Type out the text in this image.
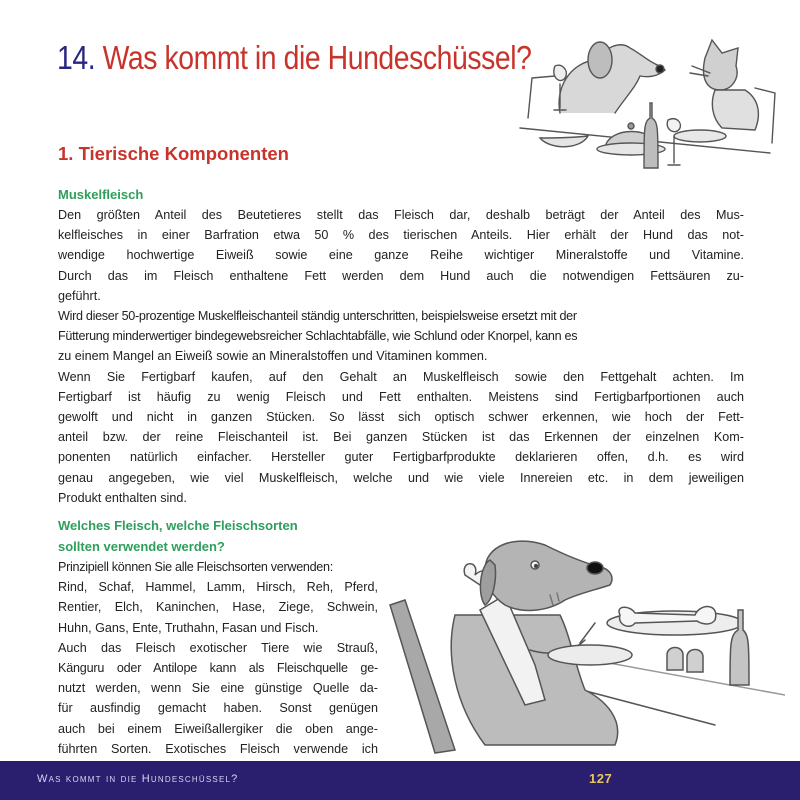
14. Was kommt in die Hundeschüssel?
1. Tierische Komponenten
Muskelfleisch

Den größten Anteil des Beutetieres stellt das Fleisch dar, deshalb beträgt der Anteil des Mus-
kelfleisches in einer Barfration etwa 50 % des tierischen Anteils. Hier erhält der Hund das not-
wendige hochwertige Eiweiß sowie eine ganze Reihe wichtiger Mineralstoffe und Vitamine.
Durch das im Fleisch enthaltene Fett werden dem Hund auch die notwendigen Fettsäuren zu-
geführt.
Wird dieser 50-prozentige Muskelfleischanteil ständig unterschritten, beispielsweise ersetzt mit der
Fütterung minderwertiger bindegewebsreicher Schlachtabfälle, wie Schlund oder Knorpel, kann es
zu einem Mangel an Eiweiß sowie an Mineralstoffen und Vitaminen kommen.
Wenn Sie Fertigbarf kaufen, auf den Gehalt an Muskelfleisch sowie den Fettgehalt achten. Im
Fertigbarf ist häufig zu wenig Fleisch und Fett enthalten. Meistens sind Fertigbarfportionen auch
gewolft und nicht in ganzen Stücken. So lässt sich optisch schwer erkennen, wie hoch der Fett-
anteil bzw. der reine Fleischanteil ist. Bei ganzen Stücken ist das Erkennen der einzelnen Kom-
ponenten natürlich einfacher. Hersteller guter Fertigbarfprodukte deklarieren offen, d.h. es wird
genau angegeben, wie viel Muskelfleisch, welche und wie viele Innereien etc. in dem jeweiligen
Produkt enthalten sind.

Welches Fleisch, welche Fleischsorten
sollten verwendet werden?

Prinzipiell können Sie alle Fleischsorten verwenden:
Rind, Schaf, Hammel, Lamm, Hirsch, Reh, Pferd,
Rentier, Elch, Kaninchen, Hase, Ziege, Schwein,
Huhn, Gans, Ente, Truthahn, Fasan und Fisch.
Auch das Fleisch exotischer Tiere wie Strauß,
Känguru oder Antilope kann als Fleischquelle ge-
nutzt werden, wenn Sie eine günstige Quelle da-
für ausfindig gemacht haben. Sonst genügen
auch bei einem Eiweißallergiker die oben ange-
führten Sorten. Exotisches Fleisch verwende ich

Was kommt in die Hundeschüssel?	127
